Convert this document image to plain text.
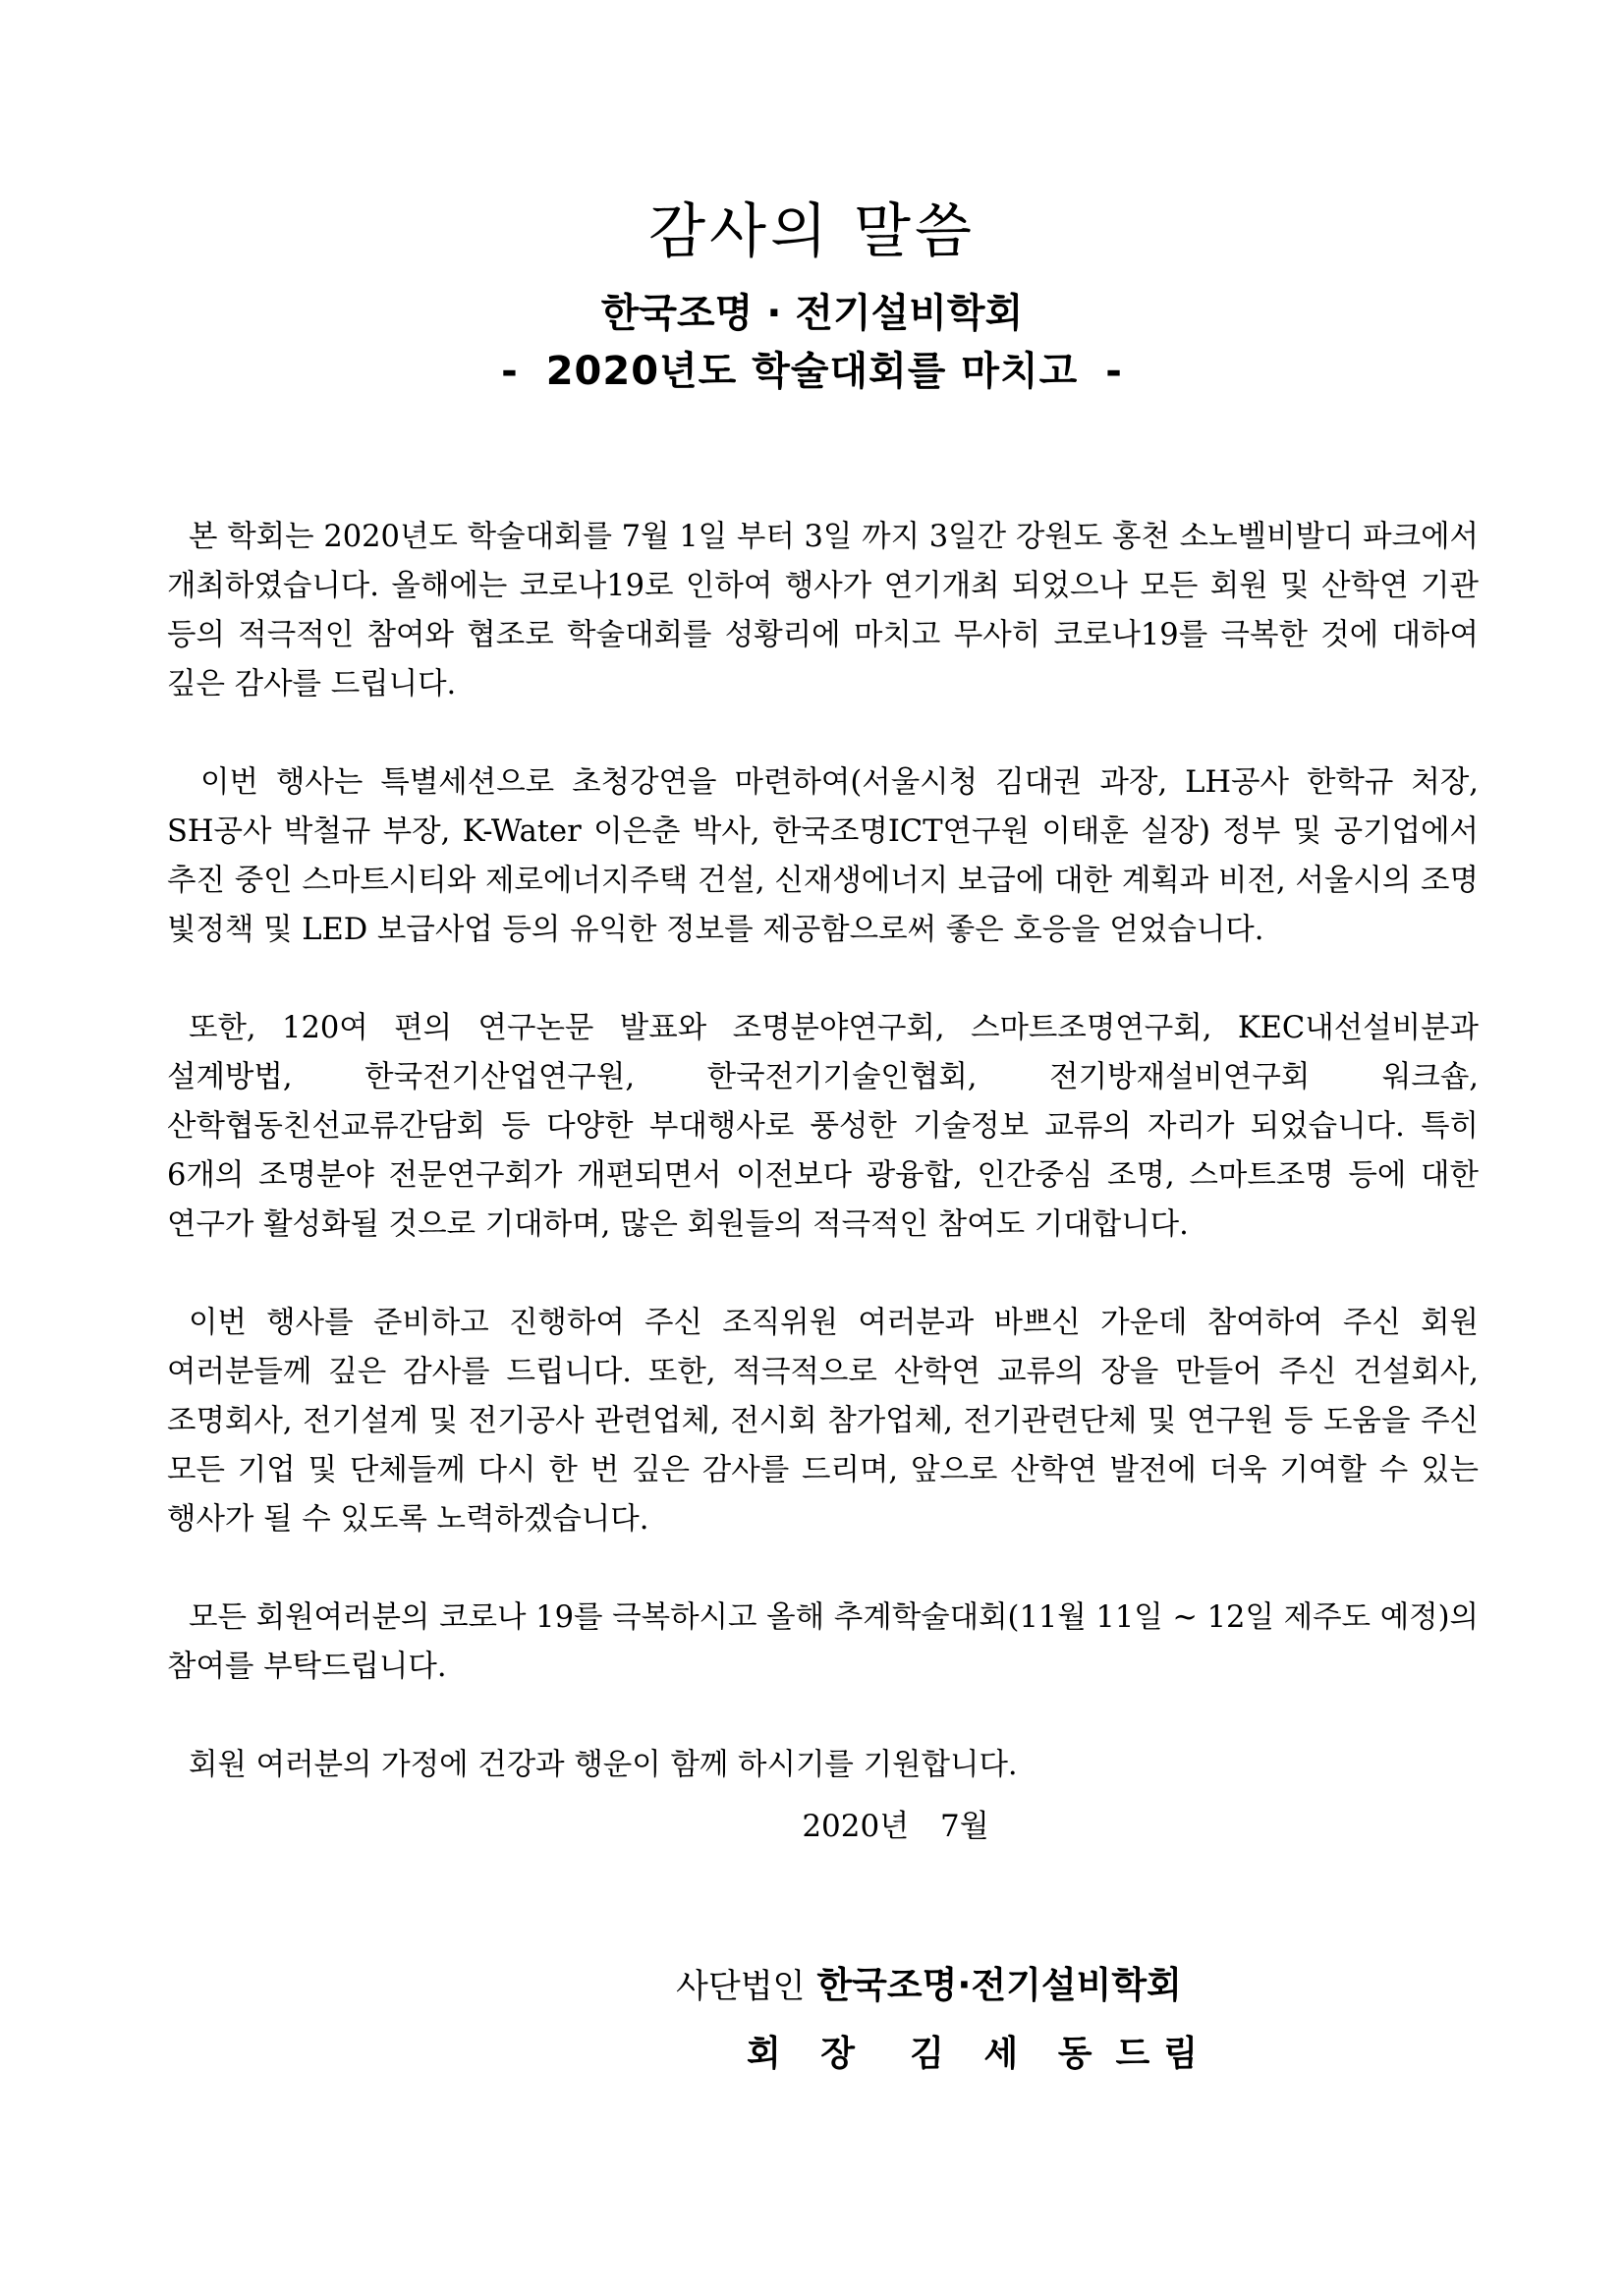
감사의 말씀
한국조명 · 전기설비학회
- 2020년도 학술대회를 마치고 -

본 학회는 2020년도 학술대회를 7월 1일 부터 3일 까지 3일간 강원도 홍천 소노벨비발디 파크에서 개최하였습니다. 올해에는 코로나19로 인하여 행사가 연기개최 되었으나 모든 회원 및 산학연 기관 등의 적극적인 참여와 협조로 학술대회를 성황리에 마치고 무사히 코로나19를 극복한 것에 대하여 깊은 감사를 드립니다.

이번 행사는 특별세션으로 초청강연을 마련하여(서울시청 김대권 과장, LH공사 한학규 처장, SH공사 박철규 부장, K-Water 이은춘 박사, 한국조명ICT연구원 이태훈 실장) 정부 및 공기업에서 추진 중인 스마트시티와 제로에너지주택 건설, 신재생에너지 보급에 대한 계획과 비전, 서울시의 조명 빛정책 및 LED 보급사업 등의 유익한 정보를 제공함으로써 좋은 호응을 얻었습니다.

또한, 120여 편의 연구논문 발표와 조명분야연구회, 스마트조명연구회, KEC내선설비분과 설계방법, 한국전기산업연구원, 한국전기기술인협회, 전기방재설비연구회 워크숍, 산학협동친선교류간담회 등 다양한 부대행사로 풍성한 기술정보 교류의 자리가 되었습니다. 특히 6개의 조명분야 전문연구회가 개편되면서 이전보다 광융합, 인간중심 조명, 스마트조명 등에 대한 연구가 활성화될 것으로 기대하며, 많은 회원들의 적극적인 참여도 기대합니다.

이번 행사를 준비하고 진행하여 주신 조직위원 여러분과 바쁘신 가운데 참여하여 주신 회원 여러분들께 깊은 감사를 드립니다. 또한, 적극적으로 산학연 교류의 장을 만들어 주신 건설회사, 조명회사, 전기설계 및 전기공사 관련업체, 전시회 참가업체, 전기관련단체 및 연구원 등 도움을 주신 모든 기업 및 단체들께 다시 한 번 깊은 감사를 드리며, 앞으로 산학연 발전에 더욱 기여할 수 있는 행사가 될 수 있도록 노력하겠습니다.

모든 회원여러분의 코로나 19를 극복하시고 올해 추계학술대회(11월 11일 ~ 12일 제주도 예정)의 참여를 부탁드립니다.

회원 여러분의 가정에 건강과 행운이 함께 하시기를 기원합니다.

2020년 7월
사단법인 한국조명·전기설비학회
회 장 김 세 동 드림
